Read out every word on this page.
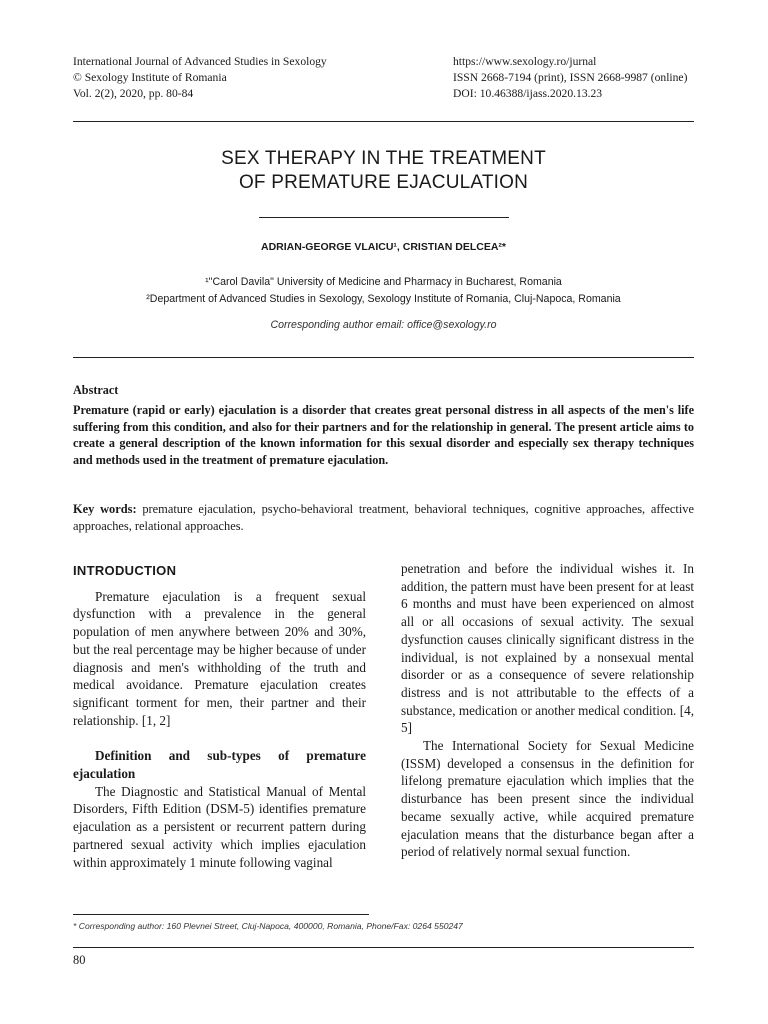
International Journal of Advanced Studies in Sexology
© Sexology Institute of Romania
Vol. 2(2), 2020, pp. 80-84
https://www.sexology.ro/jurnal
ISSN 2668-7194 (print), ISSN 2668-9987 (online)
DOI: 10.46388/ijass.2020.13.23
SEX THERAPY IN THE TREATMENT
OF PREMATURE EJACULATION
ADRIAN-GEORGE VLAICU¹, CRISTIAN DELCEA²*
¹"Carol Davila" University of Medicine and Pharmacy in Bucharest, Romania
²Department of Advanced Studies in Sexology, Sexology Institute of Romania, Cluj-Napoca, Romania
Corresponding author email: office@sexology.ro
Abstract
Premature (rapid or early) ejaculation is a disorder that creates great personal distress in all aspects of the men's life suffering from this condition, and also for their partners and for the relationship in general. The present article aims to create a general description of the known information for this sexual disorder and especially sex therapy techniques and methods used in the treatment of premature ejaculation.
Key words: premature ejaculation, psycho-behavioral treatment, behavioral techniques, cognitive approaches, affective approaches, relational approaches.
INTRODUCTION

Premature ejaculation is a frequent sexual dysfunction with a prevalence in the general population of men anywhere between 20% and 30%, but the real percentage may be higher because of under diagnosis and men's withholding of the truth and medical avoidance. Premature ejaculation creates significant torment for men, their partner and their relationship. [1, 2]

Definition and sub-types of premature ejaculation

The Diagnostic and Statistical Manual of Mental Disorders, Fifth Edition (DSM-5) identifies premature ejaculation as a persistent or recurrent pattern during partnered sexual activity which implies ejaculation within approximately 1 minute following vaginal

penetration and before the individual wishes it. In addition, the pattern must have been present for at least 6 months and must have been experienced on almost all or all occasions of sexual activity. The sexual dysfunction causes clinically significant distress in the individual, is not explained by a nonsexual mental disorder or as a consequence of severe relationship distress and is not attributable to the effects of a substance, medication or another medical condition. [4, 5]

The International Society for Sexual Medicine (ISSM) developed a consensus in the definition for lifelong premature ejaculation which implies that the disturbance has been present since the individual became sexually active, while acquired premature ejaculation means that the disturbance began after a period of relatively normal sexual function.

* Corresponding author: 160 Plevnei Street, Cluj-Napoca, 400000, Romania, Phone/Fax: 0264 550247
80
